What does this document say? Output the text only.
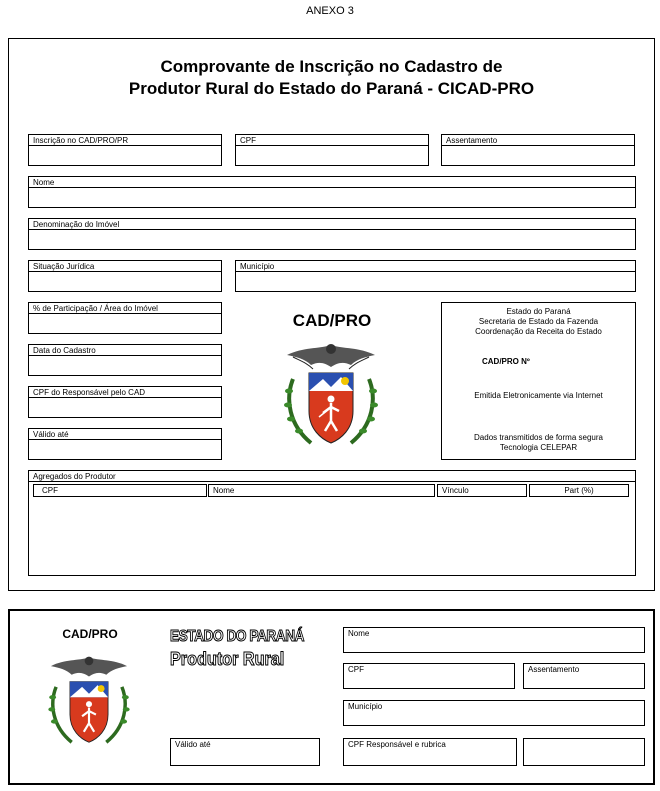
ANEXO 3
Comprovante de Inscrição no Cadastro de
Produtor Rural do Estado do Paraná - CICAD-PRO
Inscrição no CAD/PRO/PR	CPF	Assentamento
Nome
Denominação do Imóvel
Situação Jurídica	Município
% de Participação / Área do Imóvel
Data do Cadastro
CPF do Responsável pelo CAD
Válido até
CAD/PRO	Estado do Paraná
Secretaria de Estado da Fazenda
Coordenação da Receita do Estado
CAD/PRO Nº
Emitida Eletronicamente via Internet
Dados transmitidos de forma segura
Tecnologia CELEPAR
Agregados do Produtor
CPF	Nome	Vínculo	Part (%)
CAD/PRO	ESTADO DO PARANÁ
Produtor Rural
Nome
CPF	Assentamento
Município
Válido até	CPF Responsável e rubrica
